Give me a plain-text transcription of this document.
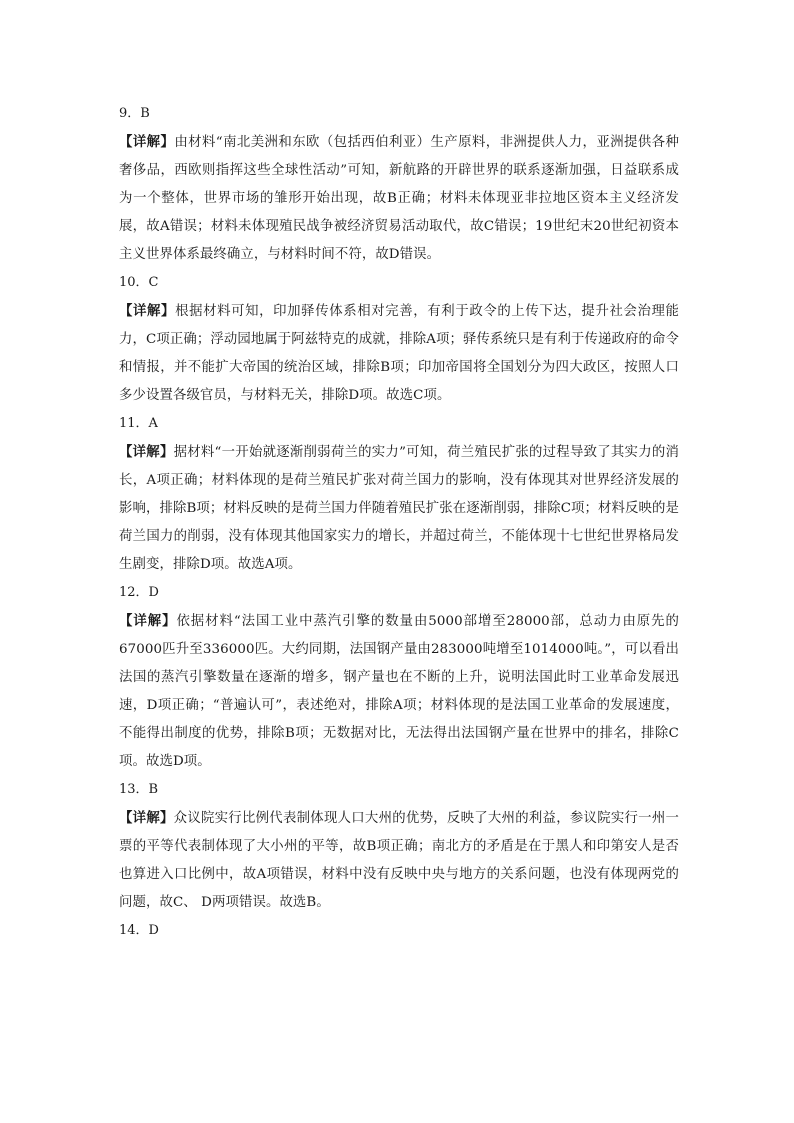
9．B

【详解】由材料“南北美洲和东欧（包括西伯利亚）生产原料，非洲提供人力，亚洲提供各种奢侈品，西欧则指挥这些全球性活动”可知，新航路的开辟世界的联系逐渐加强，日益联系成为一个整体，世界市场的雏形开始出现，故B正确；材料未体现亚非拉地区资本主义经济发展，故A错误；材料未体现殖民战争被经济贸易活动取代，故C错误；19世纪末20世纪初资本主义世界体系最终确立，与材料时间不符，故D错误。

10．C

【详解】根据材料可知，印加驿传体系相对完善，有利于政令的上传下达，提升社会治理能力，C项正确；浮动园地属于阿兹特克的成就，排除A项；驿传系统只是有利于传递政府的命令和情报，并不能扩大帝国的统治区域，排除B项；印加帝国将全国划分为四大政区，按照人口多少设置各级官员，与材料无关，排除D项。故选C项。

11．A

【详解】据材料“一开始就逐渐削弱荷兰的实力”可知，荷兰殖民扩张的过程导致了其实力的消长，A项正确；材料体现的是荷兰殖民扩张对荷兰国力的影响，没有体现其对世界经济发展的影响，排除B项；材料反映的是荷兰国力伴随着殖民扩张在逐渐削弱，排除C项；材料反映的是荷兰国力的削弱，没有体现其他国家实力的增长，并超过荷兰，不能体现十七世纪世界格局发生剧变，排除D项。故选A项。

12．D

【详解】依据材料“法国工业中蒸汽引擎的数量由5000部增至28000部，总动力由原先的67000匹升至336000匹。大约同期，法国钢产量由283000吨增至1014000吨。”，可以看出法国的蒸汽引擎数量在逐渐的增多，钢产量也在不断的上升，说明法国此时工业革命发展迅速，D项正确；“普遍认可”，表述绝对，排除A项；材料体现的是法国工业革命的发展速度，不能得出制度的优势，排除B项；无数据对比，无法得出法国钢产量在世界中的排名，排除C项。故选D项。

13．B

【详解】众议院实行比例代表制体现人口大州的优势，反映了大州的利益，参议院实行一州一票的平等代表制体现了大小州的平等，故B项正确；南北方的矛盾是在于黑人和印第安人是否也算进入口比例中，故A项错误，材料中没有反映中央与地方的关系问题，也没有体现两党的问题，故C、 D两项错误。故选B。

14．D
